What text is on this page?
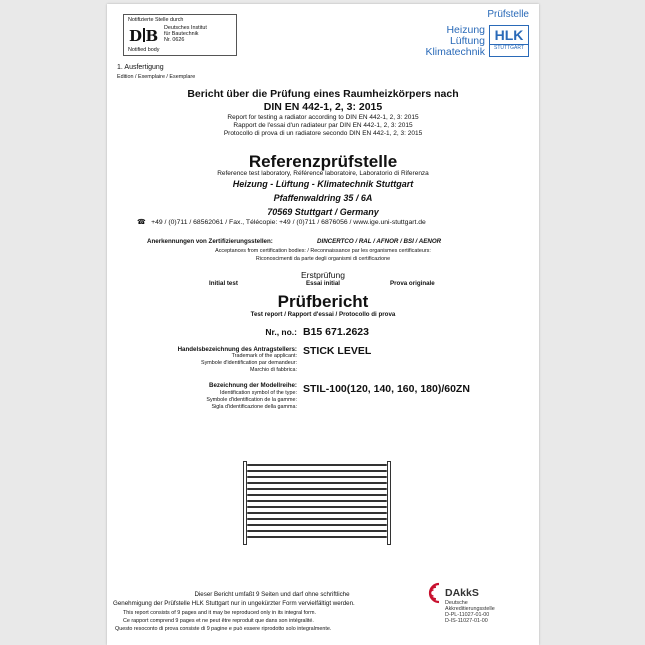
Notifizierte Stelle durch
D B Deutsches Institut
für Bautechnik
Nr. 0626
Notified body
Prüfstelle
Heizung
Lüftung
Klimatechnik
HLK
STUTTGART
1. Ausfertigung
Edition / Exemplaire / Esemplare
Bericht über die Prüfung eines Raumheizkörpers nach
DIN EN 442-1, 2, 3: 2015
Report for testing a radiator according to DIN EN 442-1, 2, 3: 2015
Rapport de l'essai d'un radiateur par DIN EN 442-1, 2, 3: 2015
Protocollo di prova di un radiatore secondo DIN EN 442-1, 2, 3: 2015
Referenzprüfstelle
Reference test laboratory, Référence laboratoire, Laboratorio di Riferenza
Heizung - Lüftung - Klimatechnik Stuttgart
Pfaffenwaldring 35 / 6A
70569 Stuttgart / Germany
☎ +49 / (0)711 / 68562061 / Fax., Télécopie: +49 / (0)711 / 6876056 / www.ige.uni-stuttgart.de
Anerkennungen von Zertifizierungsstellen:	DINCERTCO / RAL / AFNOR / BSI / AENOR
Acceptances from certification bodies: / Reconnaissance par les organismes certificateurs:
Riconoscimenti da parte degli organismi di certificazione
Erstprüfung
Initial test	Essai initial	Prova originale
Prüfbericht
Test report / Rapport d'essai / Protocollo di prova
Nr., no.: B15 671.2623
Handelsbezeichnung des Antragstellers:
Trademark of the applicant:
Symbole d'identification par demandeur:
Marchio di fabbrica:
STICK LEVEL
Bezeichnung der Modellreihe:
Identification symbol of the type:
Symbole d'identification de la gamme:
Sigla d'identificazione della gamma:
STIL-100(120, 140, 160, 180)/60ZN
Dieser Bericht umfaßt 9 Seiten und darf ohne schriftliche
Genehmigung der Prüfstelle HLK Stuttgart nur in ungekürzter Form vervielfältigt werden.
This report consists of 9 pages and it may be reproduced only in its integral form.
Ce rapport comprend 9 pages et ne peut être reproduit que dans son intégralité.
Questo resoconto di prova consiste di 9 pagine e può essere riprodotto solo integralmente.
DAkkS
Deutsche
Akkreditierungsstelle
D-PL-11027-01-00
D-IS-11027-01-00
